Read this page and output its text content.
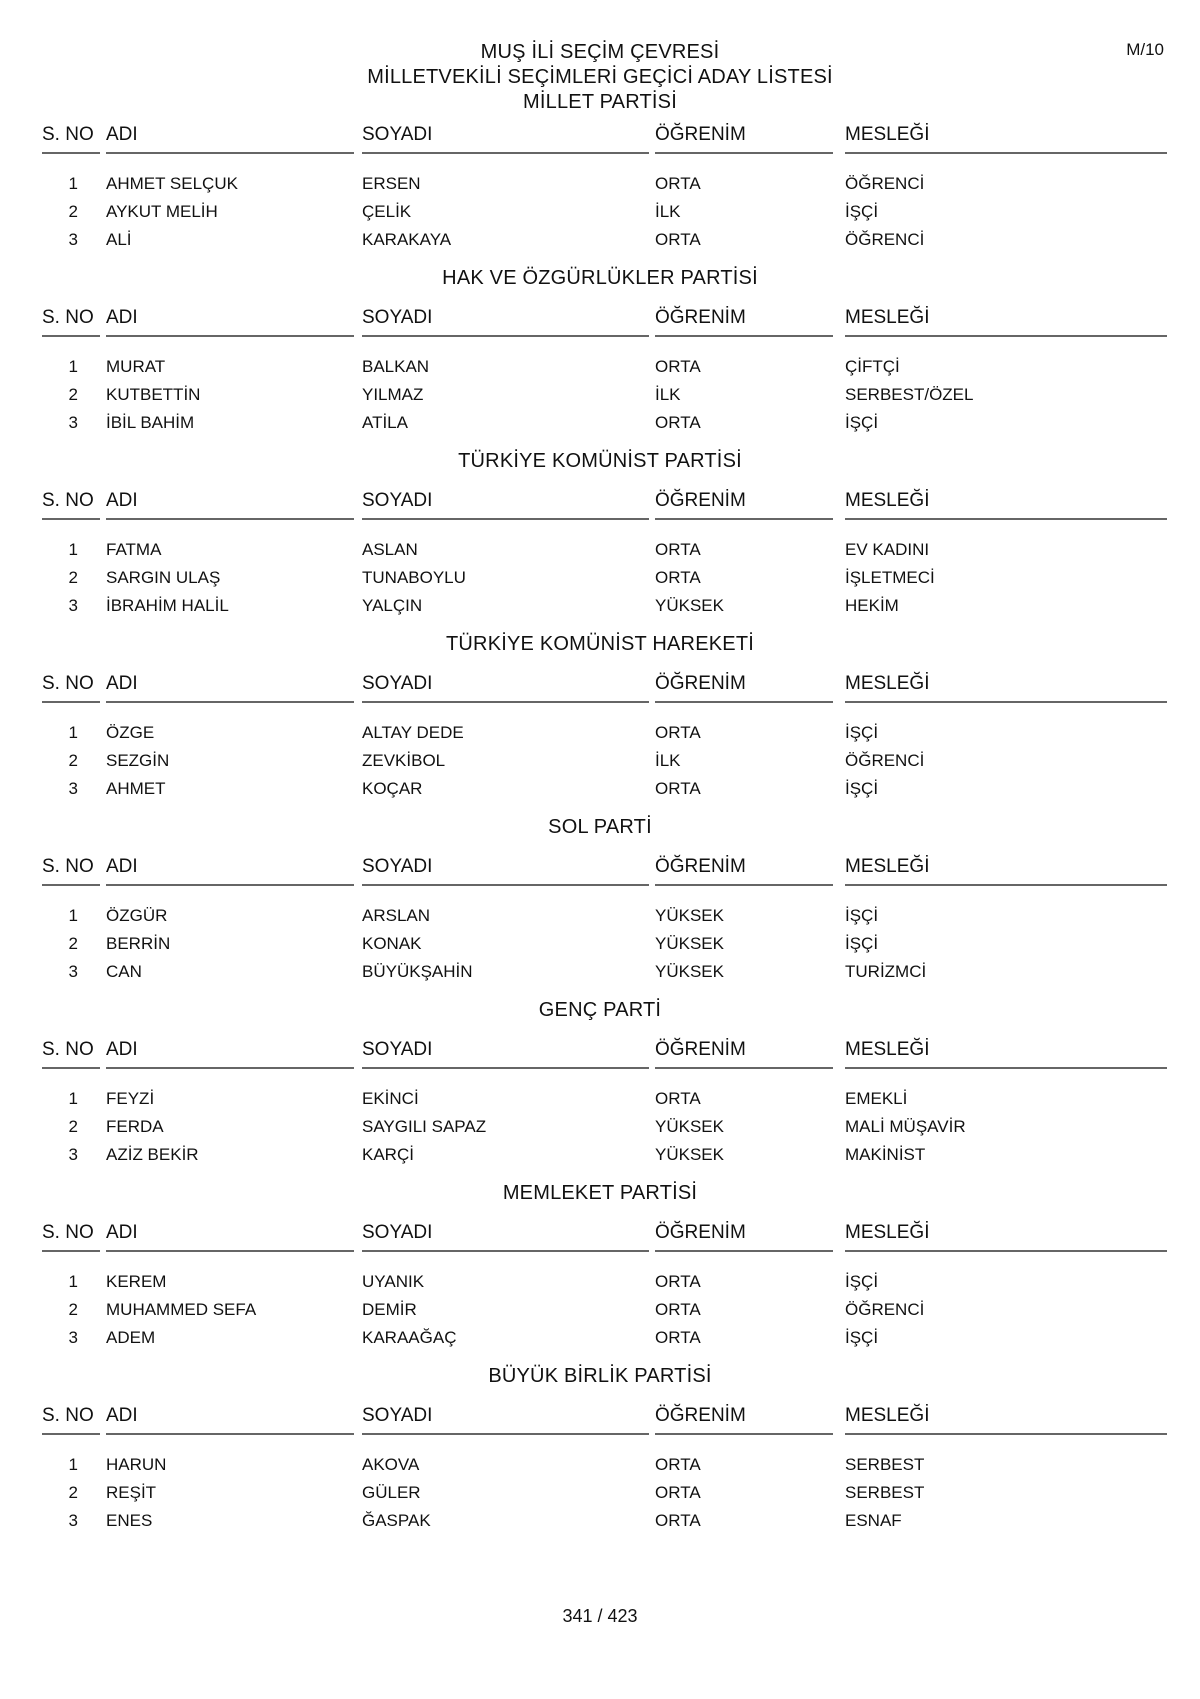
M/10
MUŞ İLİ SEÇİM ÇEVRESİ
MİLLETVEKİLİ SEÇİMLERİ GEÇİCİ ADAY LİSTESİ
MİLLET PARTİSİ
S. NO ADI	SOYADI	ÖĞRENİM	MESLEĞİ
1 AHMET SELÇUK	ERSEN	ORTA	ÖĞRENCİ
2 AYKUT MELİH	ÇELİK	İLK	İŞÇİ
3 ALİ	KARAKAYA	ORTA	ÖĞRENCİ
HAK VE ÖZGÜRLÜKLER PARTİSİ
S. NO ADI	SOYADI	ÖĞRENİM	MESLEĞİ
1 MURAT	BALKAN	ORTA	ÇİFTÇİ
2 KUTBETTİN	YILMAZ	İLK	SERBEST/ÖZEL
3 İBİL BAHİM	ATİLA	ORTA	İŞÇİ
TÜRKİYE KOMÜNİST PARTİSİ
S. NO ADI	SOYADI	ÖĞRENİM	MESLEĞİ
1 FATMA	ASLAN	ORTA	EV KADINI
2 SARGIN ULAŞ	TUNABOYLU	ORTA	İŞLETMECİ
3 İBRAHİM HALİL	YALÇIN	YÜKSEK	HEKİM
TÜRKİYE KOMÜNİST HAREKETİ
S. NO ADI	SOYADI	ÖĞRENİM	MESLEĞİ
1 ÖZGE	ALTAY DEDE	ORTA	İŞÇİ
2 SEZGİN	ZEVKİBOL	İLK	ÖĞRENCİ
3 AHMET	KOÇAR	ORTA	İŞÇİ
SOL PARTİ
S. NO ADI	SOYADI	ÖĞRENİM	MESLEĞİ
1 ÖZGÜR	ARSLAN	YÜKSEK	İŞÇİ
2 BERRİN	KONAK	YÜKSEK	İŞÇİ
3 CAN	BÜYÜKŞAHİN	YÜKSEK	TURİZMCİ
GENÇ PARTİ
S. NO ADI	SOYADI	ÖĞRENİM	MESLEĞİ
1 FEYZİ	EKİNCİ	ORTA	EMEKLİ
2 FERDA	SAYGILI SAPAZ	YÜKSEK	MALİ MÜŞAVİR
3 AZİZ BEKİR	KARÇİ	YÜKSEK	MAKİNİST
MEMLEKET PARTİSİ
S. NO ADI	SOYADI	ÖĞRENİM	MESLEĞİ
1 KEREM	UYANIK	ORTA	İŞÇİ
2 MUHAMMED SEFA	DEMİR	ORTA	ÖĞRENCİ
3 ADEM	KARAAĞAÇ	ORTA	İŞÇİ
BÜYÜK BİRLİK PARTİSİ
S. NO ADI	SOYADI	ÖĞRENİM	MESLEĞİ
1 HARUN	AKOVA	ORTA	SERBEST
2 REŞİT	GÜLER	ORTA	SERBEST
3 ENES	ĞASPAK	ORTA	ESNAF
341 / 423
